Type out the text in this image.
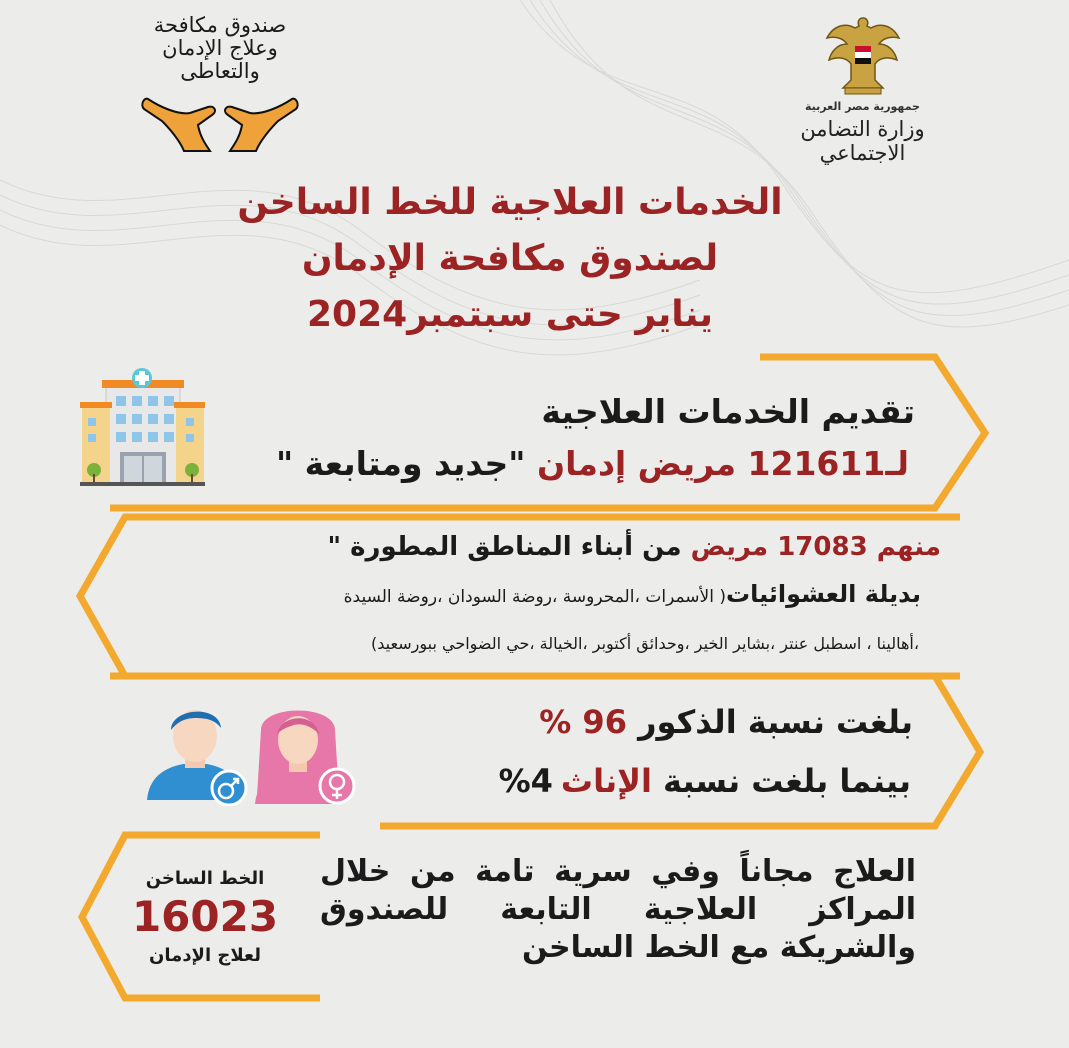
صندوق مكافحة
وعلاج الإدمان
والتعاطى
جمهورية مصر العربية
وزارة التضامن الاجتماعي
الخدمات العلاجية للخط الساخن
لصندوق مكافحة الإدمان
يناير حتى سبتمبر2024
تقديم الخدمات العلاجية
لـ121611 مريض إدمان "جديد ومتابعة "
منهم 17083 مريض من أبناء المناطق المطورة "
بديلة العشوائيات( الأسمرات ،المحروسة ،روضة السودان ،روضة السيدة
،أهالينا ، اسطبل عنتر ،بشاير الخير ،وحدائق أكتوبر ،الخيالة ،حي الضواحي ببورسعيد)
بلغت نسبة الذكور 96 %
بينما بلغت نسبة الإناث4%
العلاج مجاناً وفي سرية تامة من خلال المراكز العلاجية التابعة للصندوق والشريكة مع الخط الساخن
الخط الساخن
16023
لعلاج الإدمان
